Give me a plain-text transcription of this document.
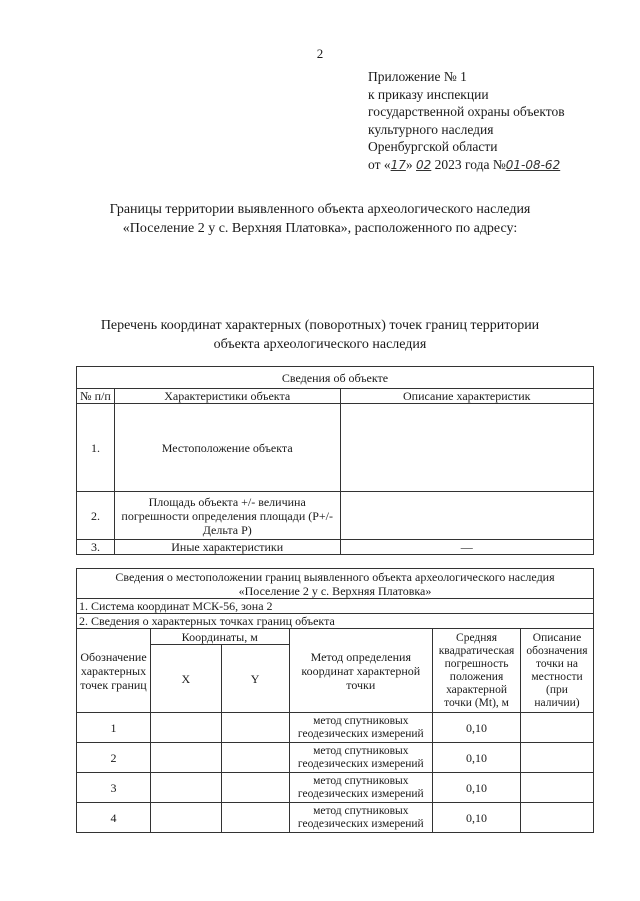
2
Приложение № 1
к приказу инспекции
государственной охраны объектов
культурного наследия
Оренбургской области
от «17» 02 2023 года №01-08-62
Границы территории выявленного объекта археологического наследия
«Поселение 2 у с. Верхняя Платовка», расположенного по адресу:
Перечень координат характерных (поворотных) точек границ территории
объекта археологического наследия
Сведения об объекте		
№ п/п	Характеристики объекта	Описание характеристик
1.	Местоположение объекта	
2.	Площадь объекта +/- величина погрешности определения площади (Р+/- Дельта Р)	
3.	Иные характеристики	—
Сведения о местоположении границ выявленного объекта археологического наследия
«Поселение 2 у с. Верхняя Платовка»					

1. Система координат МСК-56, зона 2					
2. Сведения о характерных точках границ объекта					
Обозначение характерных точек границ	Координаты, м		Метод определения координат характерной точки	Средняя квадратическая погрешность положения характерной точки (Mt), м	Описание обозначения точки на местности (при наличии)
	X	Y			
1			метод спутниковых геодезических измерений	0,10	
2			метод спутниковых геодезических измерений	0,10	
3			метод спутниковых геодезических измерений	0,10	
4			метод спутниковых геодезических измерений	0,10	
